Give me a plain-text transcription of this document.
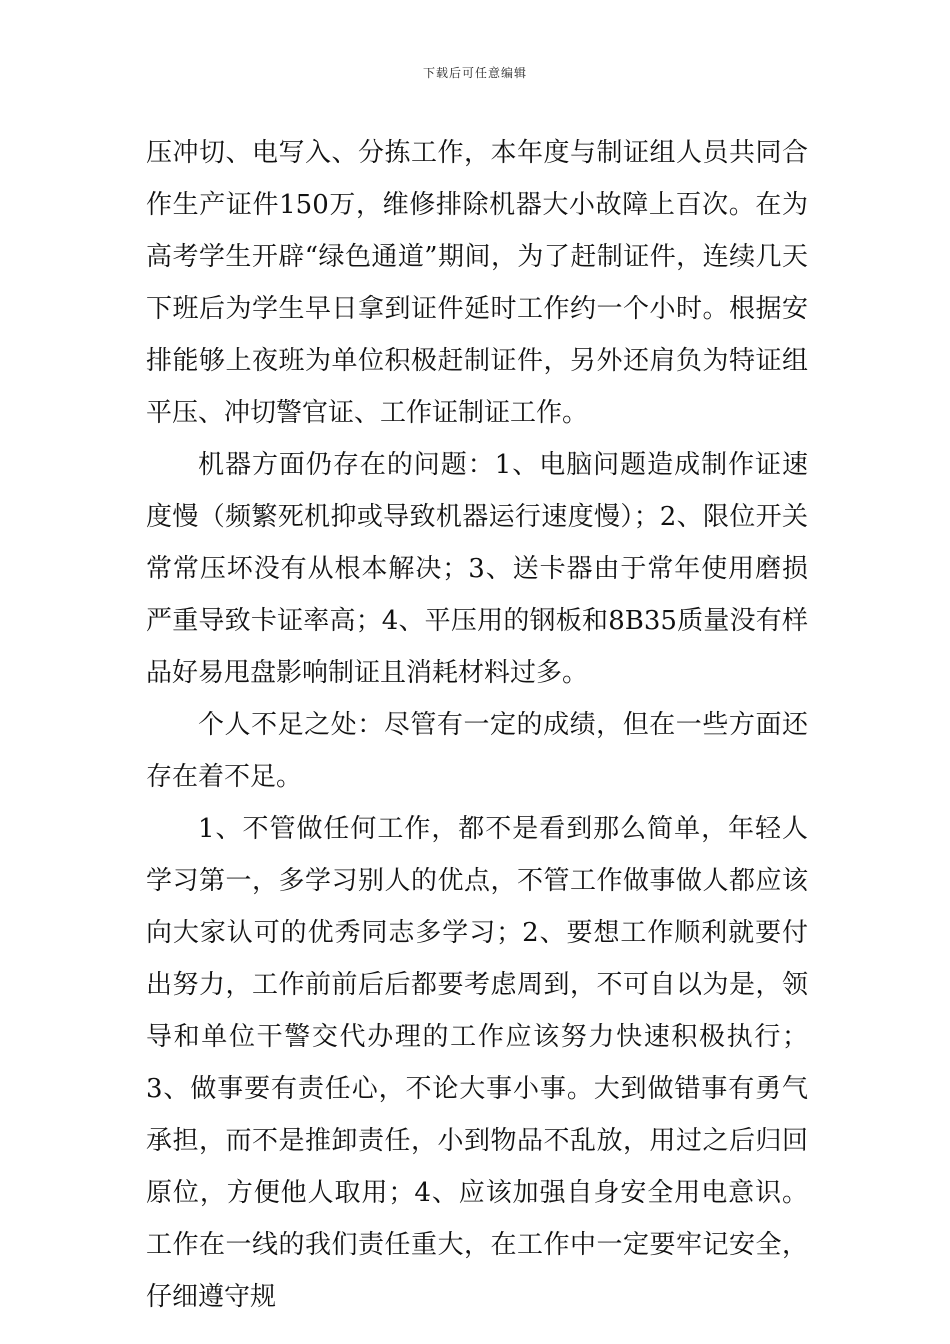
下载后可任意编辑

压冲切、电写入、分拣工作，本年度与制证组人员共同合作生产证件150万，维修排除机器大小故障上百次。在为高考学生开辟“绿色通道”期间，为了赶制证件，连续几天下班后为学生早日拿到证件延时工作约一个小时。根据安排能够上夜班为单位积极赶制证件，另外还肩负为特证组平压、冲切警官证、工作证制证工作。

机器方面仍存在的问题：1、电脑问题造成制作证速度慢（频繁死机抑或导致机器运行速度慢）；2、限位开关常常压坏没有从根本解决；3、送卡器由于常年使用磨损严重导致卡证率高；4、平压用的钢板和8B35质量没有样品好易甩盘影响制证且消耗材料过多。

个人不足之处：尽管有一定的成绩，但在一些方面还存在着不足。

1、不管做任何工作，都不是看到那么简单，年轻人学习第一，多学习别人的优点，不管工作做事做人都应该向大家认可的优秀同志多学习；2、要想工作顺利就要付出努力，工作前前后后都要考虑周到，不可自以为是，领导和单位干警交代办理的工作应该努力快速积极执行；3、做事要有责任心，不论大事小事。大到做错事有勇气承担，而不是推卸责任，小到物品不乱放，用过之后归回原位，方便他人取用；4、应该加强自身安全用电意识。工作在一线的我们责任重大，在工作中一定要牢记安全，仔细遵守规
